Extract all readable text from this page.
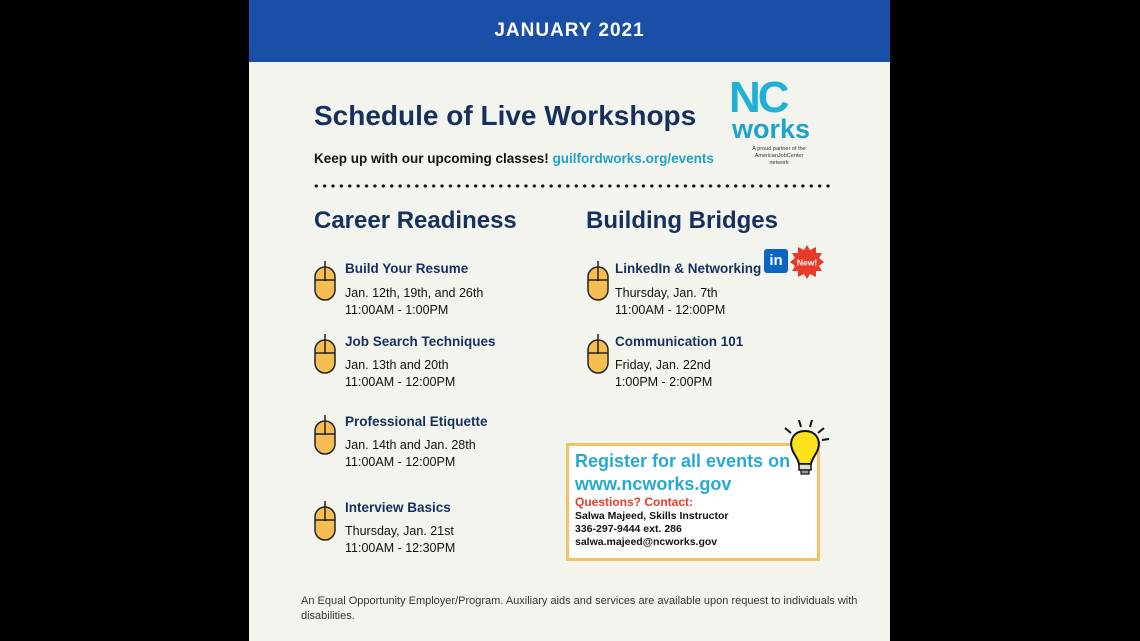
JANUARY 2021
Schedule of Live Workshops
Keep up with our upcoming classes! guilfordworks.org/events
NC
works
A proud partner of the
AmericanJobCenter
network
Career Readiness
Build Your Resume
Jan. 12th, 19th, and 26th
11:00AM - 1:00PM
Job Search Techniques
Jan. 13th and 20th
11:00AM - 12:00PM
Professional Etiquette
Jan. 14th and Jan. 28th
11:00AM - 12:00PM
Interview Basics
Thursday, Jan. 21st
11:00AM - 12:30PM
Building Bridges
LinkedIn & Networking
Thursday, Jan. 7th
11:00AM - 12:00PM
in	New!
Communication 101
Friday, Jan. 22nd
1:00PM - 2:00PM
Register for all events on
www.ncworks.gov
Questions? Contact:
Salwa Majeed, Skills Instructor
336-297-9444 ext. 286
salwa.majeed@ncworks.gov
An Equal Opportunity Employer/Program. Auxiliary aids and services are available upon request to individuals with disabilities.
